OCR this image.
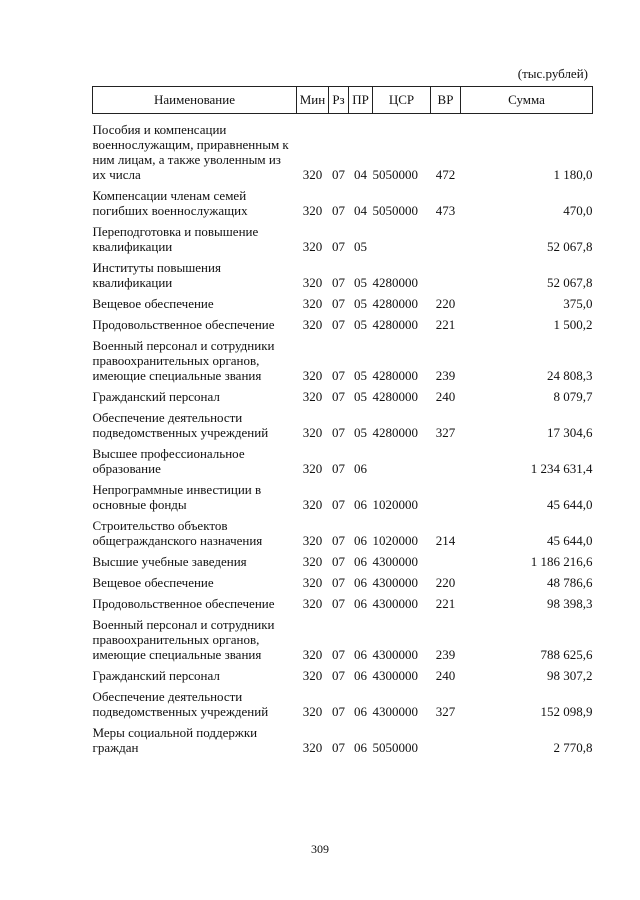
(тыс.рублей)
Наименование	Мин	Рз	ПР	ЦСР	ВР	Сумма
Пособия и компенсации военнослужащим, приравненным к ним лицам, а также уволенным из их числа	320	07	04	5050000	472	1 180,0
Компенсации членам семей погибших военнослужащих	320	07	04	5050000	473	470,0
Переподготовка и повышение квалификации	320	07	05			52 067,8
Институты повышения квалификации	320	07	05	4280000		52 067,8
Вещевое обеспечение	320	07	05	4280000	220	375,0
Продовольственное обеспечение	320	07	05	4280000	221	1 500,2
Военный персонал и сотрудники правоохранительных органов, имеющие специальные звания	320	07	05	4280000	239	24 808,3
Гражданский персонал	320	07	05	4280000	240	8 079,7
Обеспечение деятельности подведомственных учреждений	320	07	05	4280000	327	17 304,6
Высшее профессиональное образование	320	07	06			1 234 631,4
Непрограммные инвестиции в основные фонды	320	07	06	1020000		45 644,0
Строительство объектов общегражданского назначения	320	07	06	1020000	214	45 644,0
Высшие учебные заведения	320	07	06	4300000		1 186 216,6
Вещевое обеспечение	320	07	06	4300000	220	48 786,6
Продовольственное обеспечение	320	07	06	4300000	221	98 398,3
Военный персонал и сотрудники правоохранительных органов, имеющие специальные звания	320	07	06	4300000	239	788 625,6
Гражданский персонал	320	07	06	4300000	240	98 307,2
Обеспечение деятельности подведомственных учреждений	320	07	06	4300000	327	152 098,9
Меры социальной поддержки граждан	320	07	06	5050000		2 770,8
309
